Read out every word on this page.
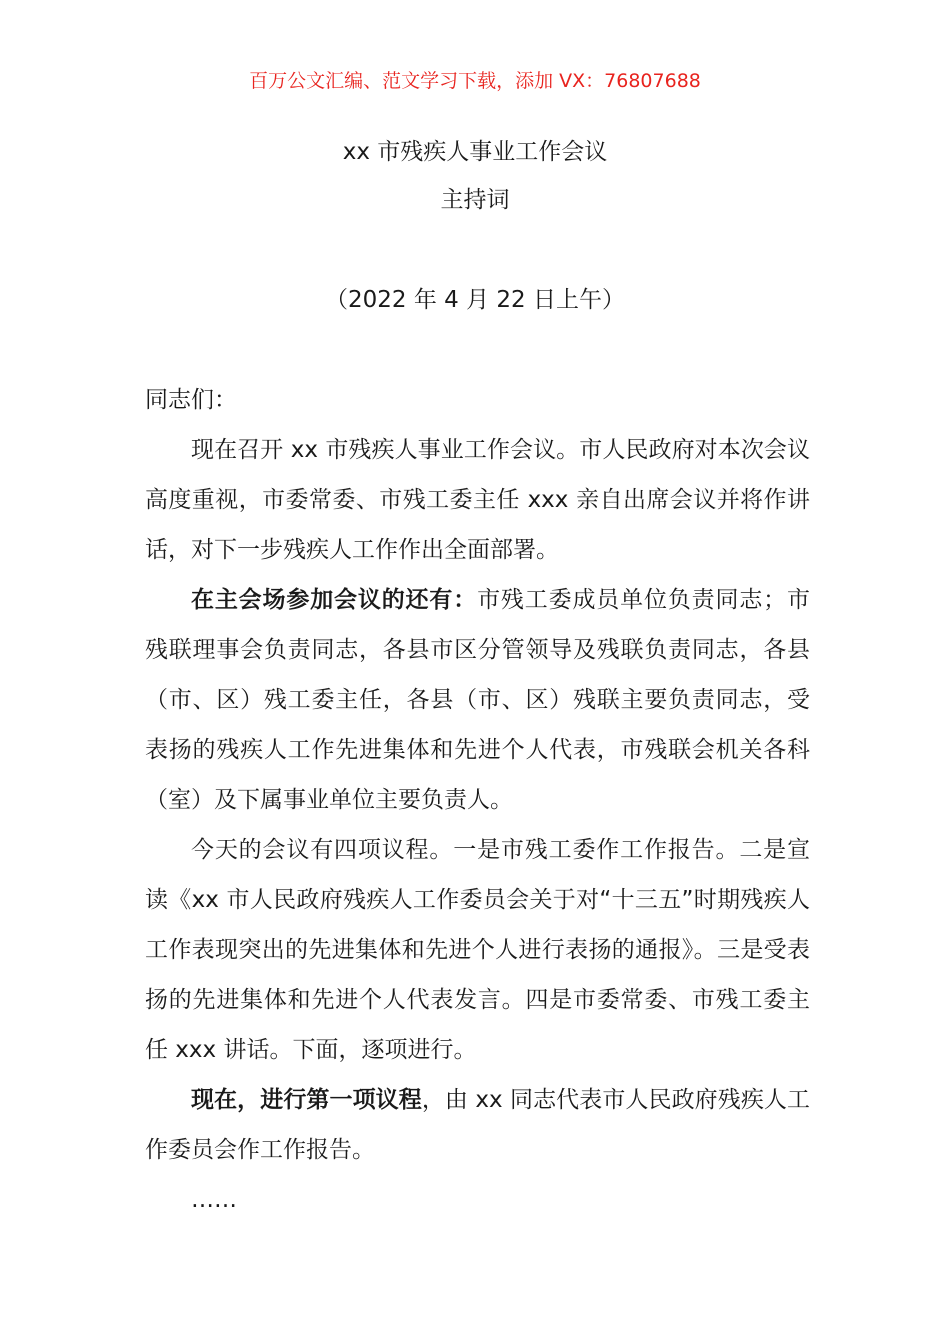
百万公文汇编、范文学习下载，添加 VX：76807688
xx 市残疾人事业工作会议
主持词
（2022 年 4 月 22 日上午）
同志们：
现在召开 xx 市残疾人事业工作会议。市人民政府对本次会议高度重视，市委常委、市残工委主任 xxx 亲自出席会议并将作讲话，对下一步残疾人工作作出全面部署。
在主会场参加会议的还有：市残工委成员单位负责同志；市残联理事会负责同志，各县市区分管领导及残联负责同志，各县（市、区）残工委主任，各县（市、区）残联主要负责同志，受表扬的残疾人工作先进集体和先进个人代表，市残联会机关各科（室）及下属事业单位主要负责人。
今天的会议有四项议程。一是市残工委作工作报告。二是宣读《xx 市人民政府残疾人工作委员会关于对“十三五”时期残疾人工作表现突出的先进集体和先进个人进行表扬的通报》。三是受表扬的先进集体和先进个人代表发言。四是市委常委、市残工委主任 xxx 讲话。下面，逐项进行。
现在，进行第一项议程，由 xx 同志代表市人民政府残疾人工作委员会作工作报告。
……
